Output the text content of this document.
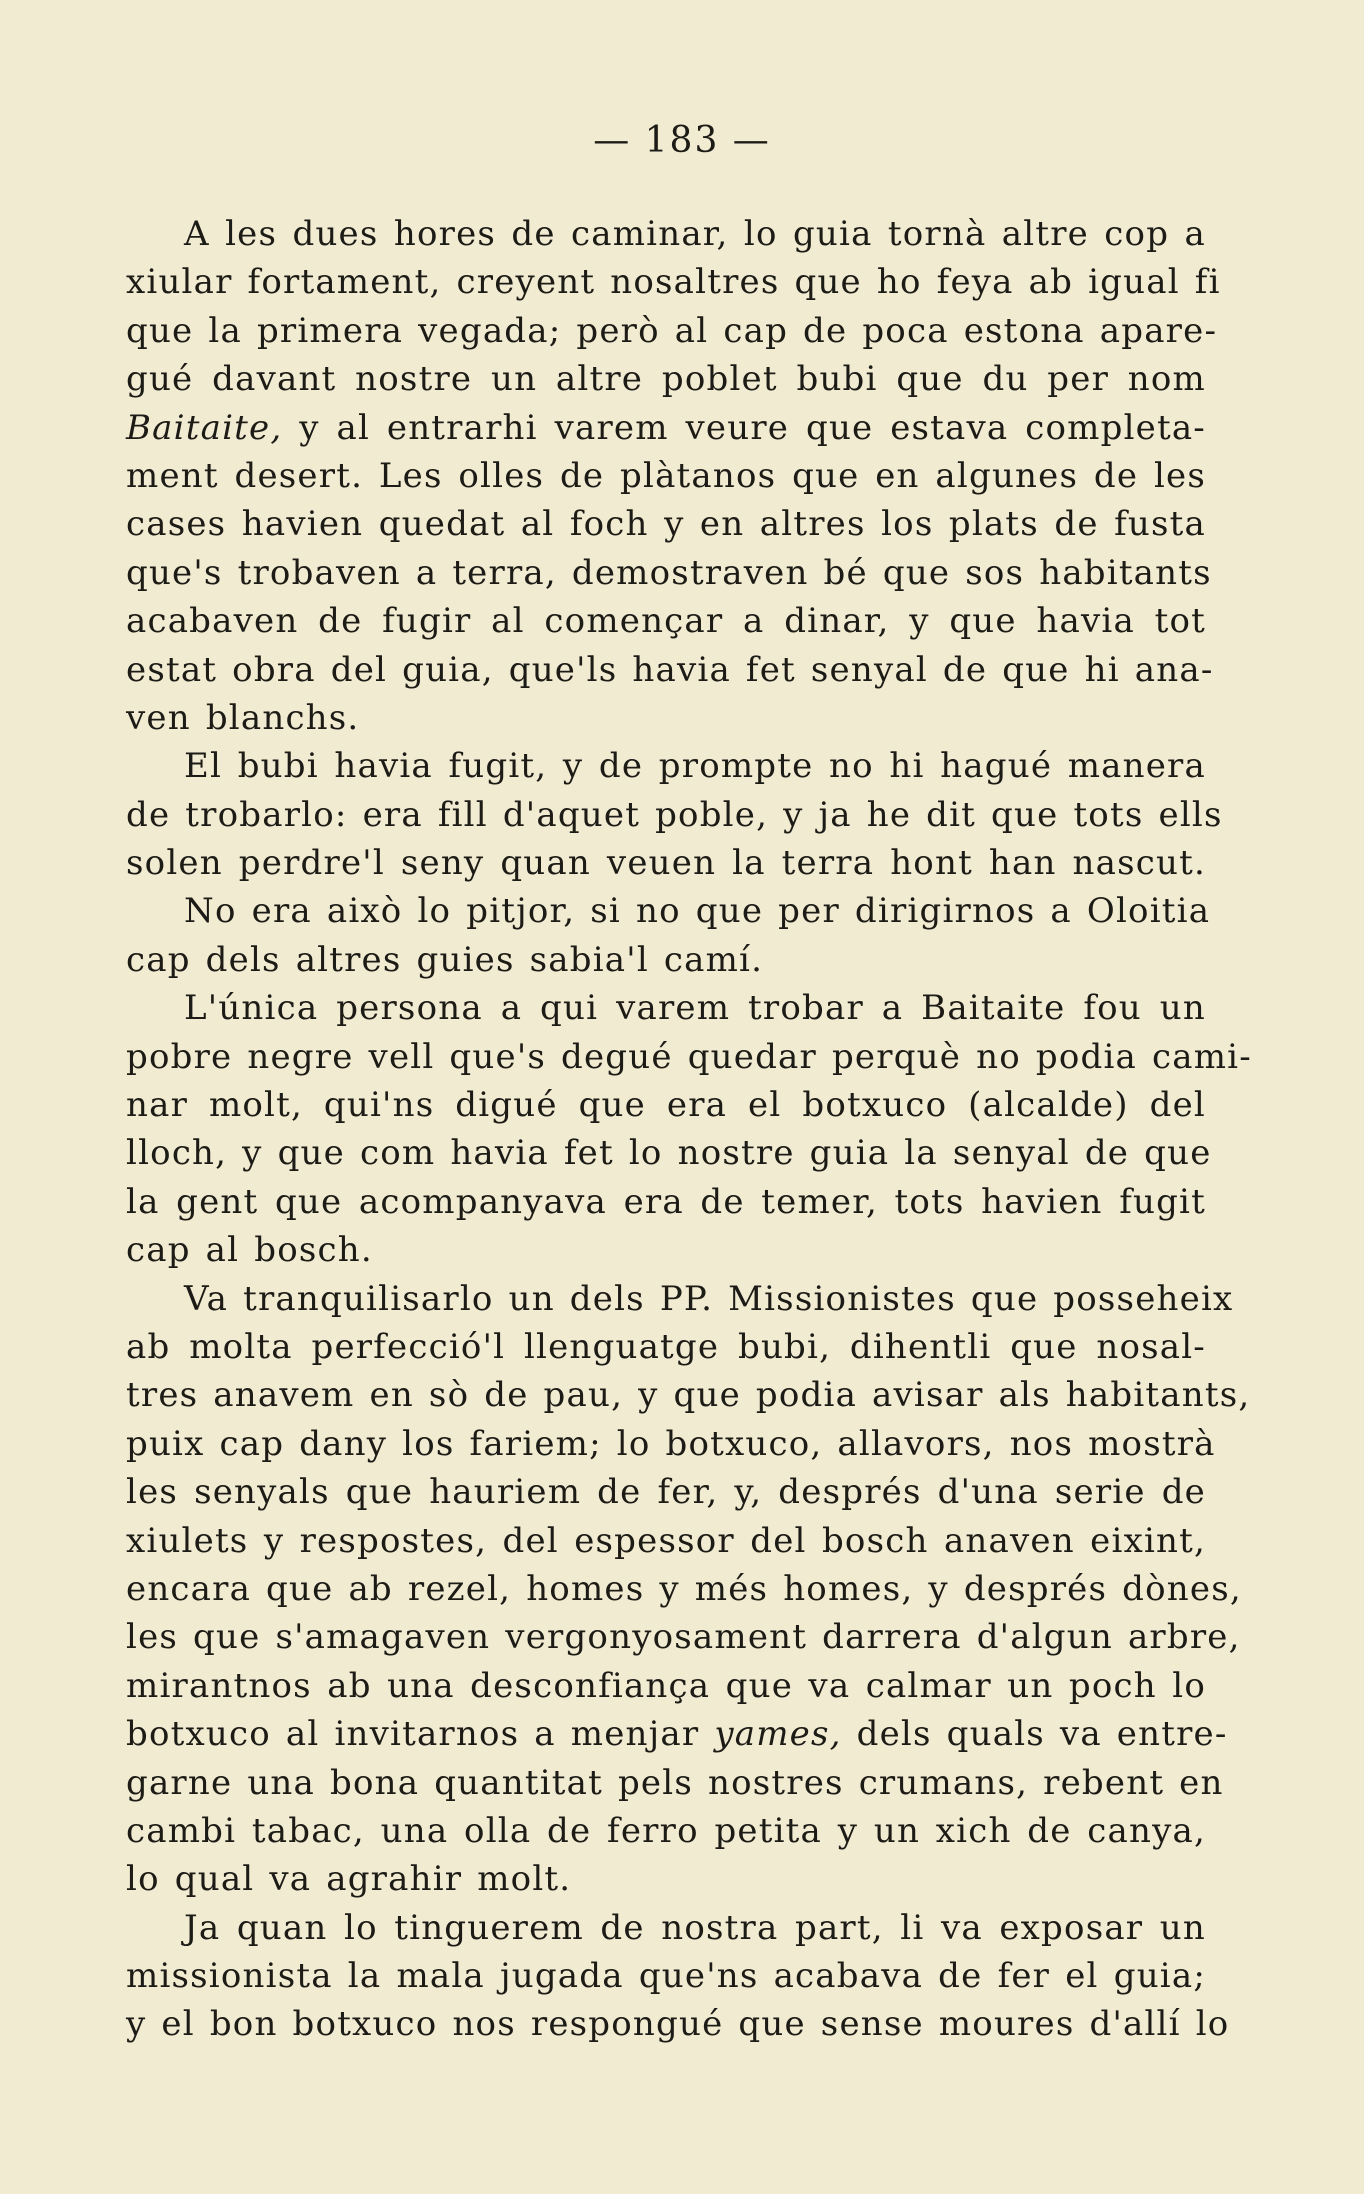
— 183 —
A les dues hores de caminar, lo guia tornà altre cop a
xiular fortament, creyent nosaltres que ho feya ab igual fi
que la primera vegada; però al cap de poca estona apare-
gué davant nostre un altre poblet bubi que du per nom
Baitaite, y al entrarhi varem veure que estava completa-
ment desert. Les olles de plàtanos que en algunes de les
cases havien quedat al foch y en altres los plats de fusta
que's trobaven a terra, demostraven bé que sos habitants
acabaven de fugir al començar a dinar, y que havia tot
estat obra del guia, que'ls havia fet senyal de que hi ana-
ven blanchs.
El bubi havia fugit, y de prompte no hi hagué manera
de trobarlo: era fill d'aquet poble, y ja he dit que tots ells
solen perdre'l seny quan veuen la terra hont han nascut.
No era això lo pitjor, si no que per dirigirnos a Oloitia
cap dels altres guies sabia'l camí.
L'única persona a qui varem trobar a Baitaite fou un
pobre negre vell que's degué quedar perquè no podia cami-
nar molt, qui'ns digué que era el botxuco (alcalde) del
lloch, y que com havia fet lo nostre guia la senyal de que
la gent que acompanyava era de temer, tots havien fugit
cap al bosch.
Va tranquilisarlo un dels PP. Missionistes que posseheix
ab molta perfecció'l llenguatge bubi, dihentli que nosal-
tres anavem en sò de pau, y que podia avisar als habitants,
puix cap dany los fariem; lo botxuco, allavors, nos mostrà
les senyals que hauriem de fer, y, després d'una serie de
xiulets y respostes, del espessor del bosch anaven eixint,
encara que ab rezel, homes y més homes, y després dònes,
les que s'amagaven vergonyosament darrera d'algun arbre,
mirantnos ab una desconfiança que va calmar un poch lo
botxuco al invitarnos a menjar yames, dels quals va entre-
garne una bona quantitat pels nostres crumans, rebent en
cambi tabac, una olla de ferro petita y un xich de canya,
lo qual va agrahir molt.
Ja quan lo tinguerem de nostra part, li va exposar un
missionista la mala jugada que'ns acabava de fer el guia;
y el bon botxuco nos respongué que sense moures d'allí lo
